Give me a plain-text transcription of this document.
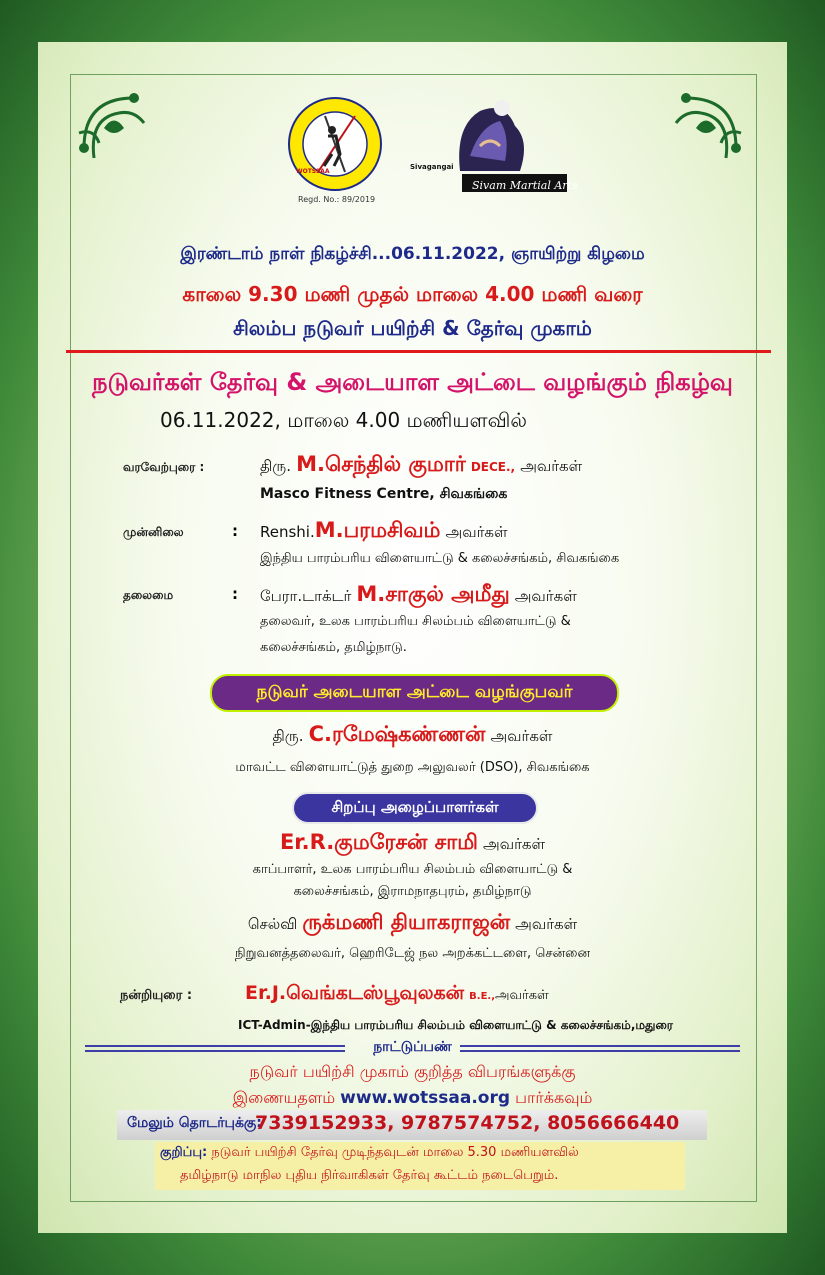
WOTSSAA
Regd. No.: 89/2019
Sivagangai
Sivam Martial Arts
இரண்டாம் நாள் நிகழ்ச்சி...06.11.2022, ஞாயிற்று கிழமை
காலை 9.30 மணி முதல் மாலை 4.00 மணி வரை
சிலம்ப நடுவர் பயிற்சி & தேர்வு முகாம்
நடுவர்கள் தேர்வு & அடையாள அட்டை வழங்கும் நிகழ்வு
06.11.2022, மாலை 4.00 மணியளவில்
வரவேற்புரை :	திரு. M.செந்தில் குமார் DECE., அவர்கள்
Masco Fitness Centre, சிவகங்கை
முன்னிலை	: Renshi.M.பரமசிவம் அவர்கள்
இந்திய பாரம்பரிய விளையாட்டு & கலைச்சங்கம், சிவகங்கை
தலைமை	: பேரா.டாக்டர் M.சாகுல் அமீது அவர்கள்
தலைவர், உலக பாரம்பரிய சிலம்பம் விளையாட்டு &
கலைச்சங்கம், தமிழ்நாடு.
நடுவர் அடையாள அட்டை வழங்குபவர்
திரு. C.ரமேஷ்கண்ணன் அவர்கள்
மாவட்ட விளையாட்டுத் துறை அலுவலர் (DSO), சிவகங்கை
சிறப்பு அழைப்பாளர்கள்
Er.R.குமரேசன் சாமி அவர்கள்
காப்பாளர், உலக பாரம்பரிய சிலம்பம் விளையாட்டு &
கலைச்சங்கம், இராமநாதபுரம், தமிழ்நாடு
செல்வி ருக்மணி தியாகராஜன் அவர்கள்
நிறுவனத்தலைவர், ஹெரிடேஜ் நல அறக்கட்டளை, சென்னை
நன்றியுரை :	Er.J.வெங்கடஸ்பூவுலகன் B.E.,அவர்கள்
ICT-Admin-இந்திய பாரம்பரிய சிலம்பம் விளையாட்டு & கலைச்சங்கம்,மதுரை
நாட்டுப்பண்
நடுவர் பயிற்சி முகாம் குறித்த விபரங்களுக்கு
இணையதளம் www.wotssaa.org பார்க்கவும்
மேலும் தொடர்புக்கு:
7339152933, 9787574752, 8056666440
குறிப்பு: நடுவர் பயிற்சி தேர்வு முடிந்தவுடன் மாலை 5.30 மணியளவில்
தமிழ்நாடு மாநில புதிய நிர்வாகிகள் தேர்வு கூட்டம் நடைபெறும்.
